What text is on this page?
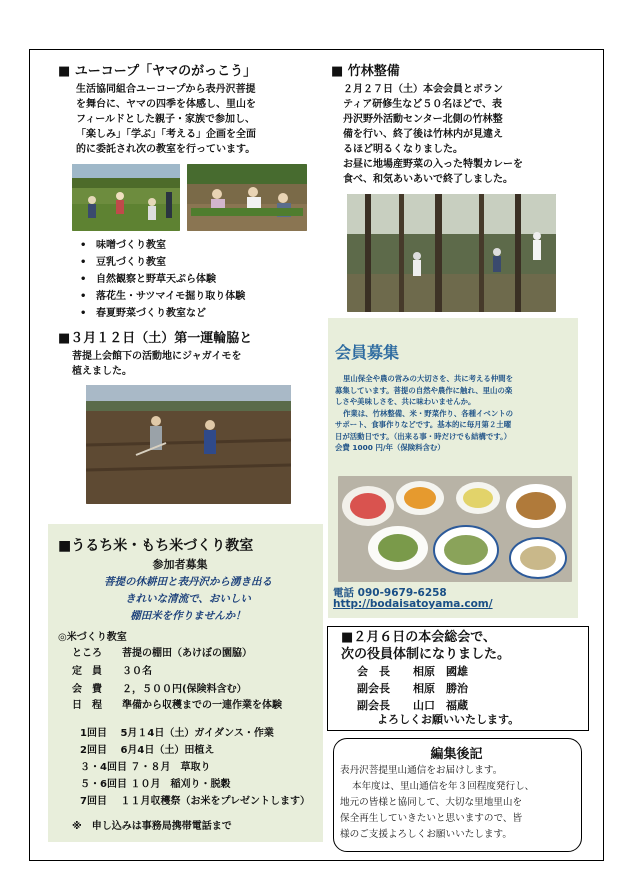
■ ユーコープ「ヤマのがっこう」
生活協同組合ユーコープから表丹沢菩提
を舞台に、ヤマの四季を体感し、里山を
フィールドとした親子・家族で参加し、
「楽しみ」「学ぶ」「考える」企画を全面
的に委託され次の教室を行っています。
• 味噌づくり教室
• 豆乳づくり教室
• 自然観察と野草天ぷら体験
• 落花生・サツマイモ掘り取り体験
• 春夏野菜づくり教室など
■ 竹林整備
２月２７日（土）本会会員とボラン
ティア研修生など５０名ほどで、表
丹沢野外活動センター北側の竹林整
備を行い、終了後は竹林内が見違え
るほど明るくなりました。
お昼に地場産野菜の入った特製カレーを
食べ、和気あいあいで終了しました。
■３月１２日（土）第一運輪脇と
菩提上会館下の活動地にジャガイモを
植えました。
会員募集
里山保全や農の営みの大切さを、共に考える仲間を
募集しています。菩提の自然や農作に触れ、里山の楽
しさや美味しさを、共に味わいませんか。
作業は、竹林整備、米・野菜作り、各種イベントの
サポート、食事作りなどです。基本的に毎月第２土曜
日が活動日です。（出来る事・時だけでも結構です。）
会費 1000 円/年（保険料含む）
電話 090-9679-6258
http://bodaisatoyama.com/
■うるち米・もち米づくり教室
参加者募集
菩提の休耕田と表丹沢から湧き出る
きれいな清流で、おいしい
棚田米を作りませんか！
◎米づくり教室
ところ 菩提の棚田（あけぼの園脇）
定　員 ３０名
会　費 ２，５００円(保険料含む）
日　程 準備から収穫までの一連作業を体験
1回目　 5月１4日（土）ガイダンス・作業
2回目　 6月4日（土）田植え
３・4回目 ７・８月　草取り
５・6回目 １０月　稲刈り・脱穀
7回目　 １１月収穫祭（お米をプレゼントします）
※　申し込みは事務局携帯電話まで
■２月６日の本会総会で、
次の役員体制になりました。
会　長 相原　國雄
副会長 相原　勝治
副会長 山口　福蔵
よろしくお願いいたします。
編集後記
表丹沢菩提里山通信をお届けします。
本年度は、里山通信を年３回程度発行し、
地元の皆様と協同して、大切な里地里山を
保全再生していきたいと思いますので、皆
様のご支援よろしくお願いいたします。
